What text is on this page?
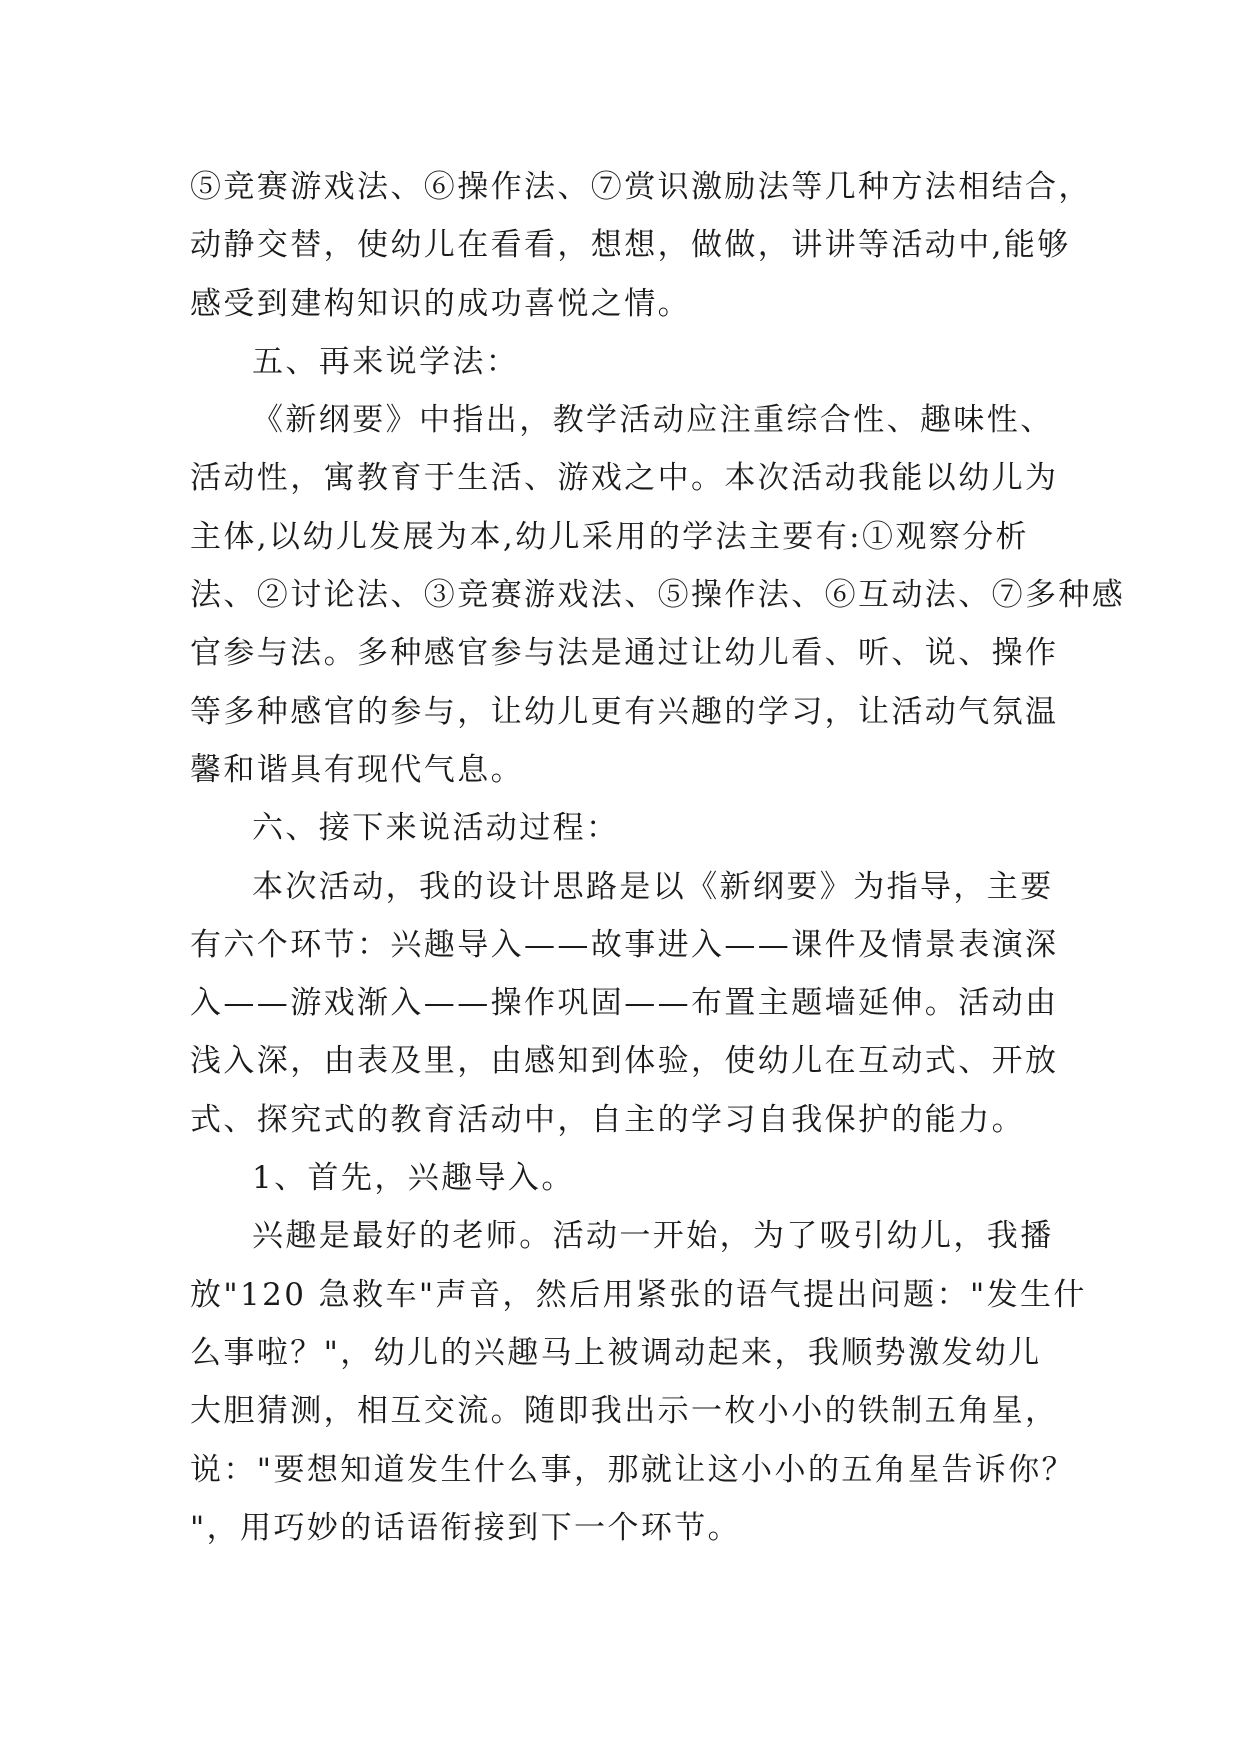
⑤竞赛游戏法、⑥操作法、⑦赏识激励法等几种方法相结合，
动静交替，使幼儿在看看，想想，做做，讲讲等活动中,能够
感受到建构知识的成功喜悦之情。
五、再来说学法：
《新纲要》中指出，教学活动应注重综合性、趣味性、
活动性，寓教育于生活、游戏之中。本次活动我能以幼儿为
主体,以幼儿发展为本,幼儿采用的学法主要有:①观察分析
法、②讨论法、③竞赛游戏法、⑤操作法、⑥互动法、⑦多种感
官参与法。多种感官参与法是通过让幼儿看、听、说、操作
等多种感官的参与，让幼儿更有兴趣的学习，让活动气氛温
馨和谐具有现代气息。
六、接下来说活动过程：
本次活动，我的设计思路是以《新纲要》为指导，主要
有六个环节：兴趣导入——故事进入——课件及情景表演深
入——游戏渐入——操作巩固——布置主题墙延伸。活动由
浅入深，由表及里，由感知到体验，使幼儿在互动式、开放
式、探究式的教育活动中，自主的学习自我保护的能力。
1、首先，兴趣导入。
兴趣是最好的老师。活动一开始，为了吸引幼儿，我播
放"120 急救车"声音，然后用紧张的语气提出问题："发生什
么事啦？"，幼儿的兴趣马上被调动起来，我顺势激发幼儿
大胆猜测，相互交流。随即我出示一枚小小的铁制五角星，
说："要想知道发生什么事，那就让这小小的五角星告诉你？
"，用巧妙的话语衔接到下一个环节。
